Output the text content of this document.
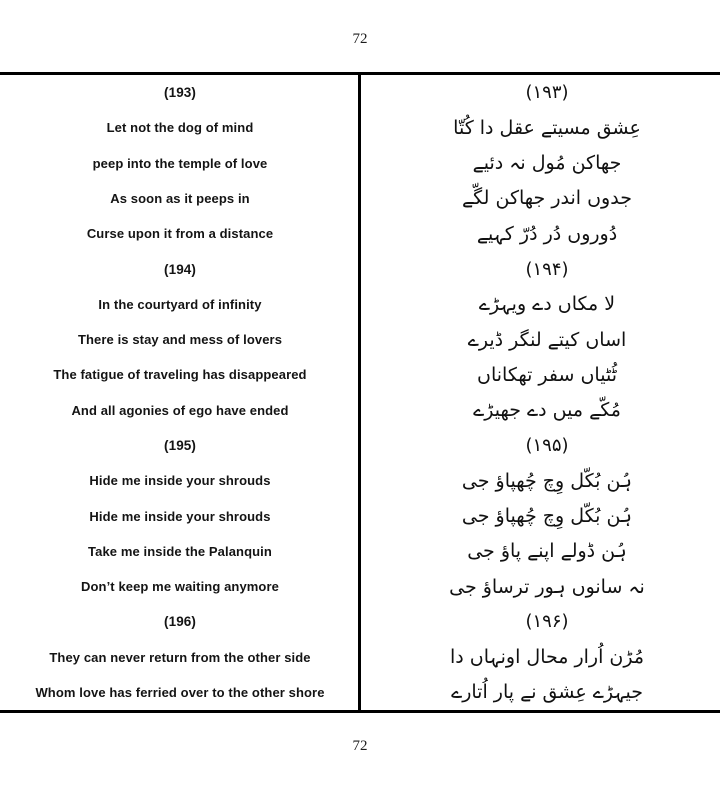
72
(193)	(۱۹۳)
Let not the dog of mind	عِشق مسیتے عقل دا کُتّا
peep into the temple of love	جھاکن مُول نہ دئیے
As soon as it peeps in	جدوں اندر جھاکن لگّے
Curse upon it from a distance	دُوروں دُر دُرّ کہیے
(194)	(۱۹۴)
In the courtyard of infinity	لا مکاں دے ویہڑے
There is stay and mess of lovers	اساں کیتے لنگر ڈیرے
The fatigue of traveling has disappeared	ٹُٹیاں سفر تھکاناں
And all agonies of ego have ended	مُکّے میں دے جھیڑے
(195)	(۱۹۵)
Hide me inside your shrouds	ہُن بُکّل وِچ چُھپاؤ جی
Hide me inside your shrouds	ہُن بُکّل وِچ چُھپاؤ جی
Take me inside the Palanquin	ہُن ڈولے اپنے پاؤ جی
Don’t keep me waiting anymore	نہ سانوں ہور ترساؤ جی
(196)	(۱۹۶)
They can never return from the other side	مُڑن اُرار محال اونہاں دا
Whom love has ferried over to the other shore	جیہڑے عِشق نے پار اُتارے
72
